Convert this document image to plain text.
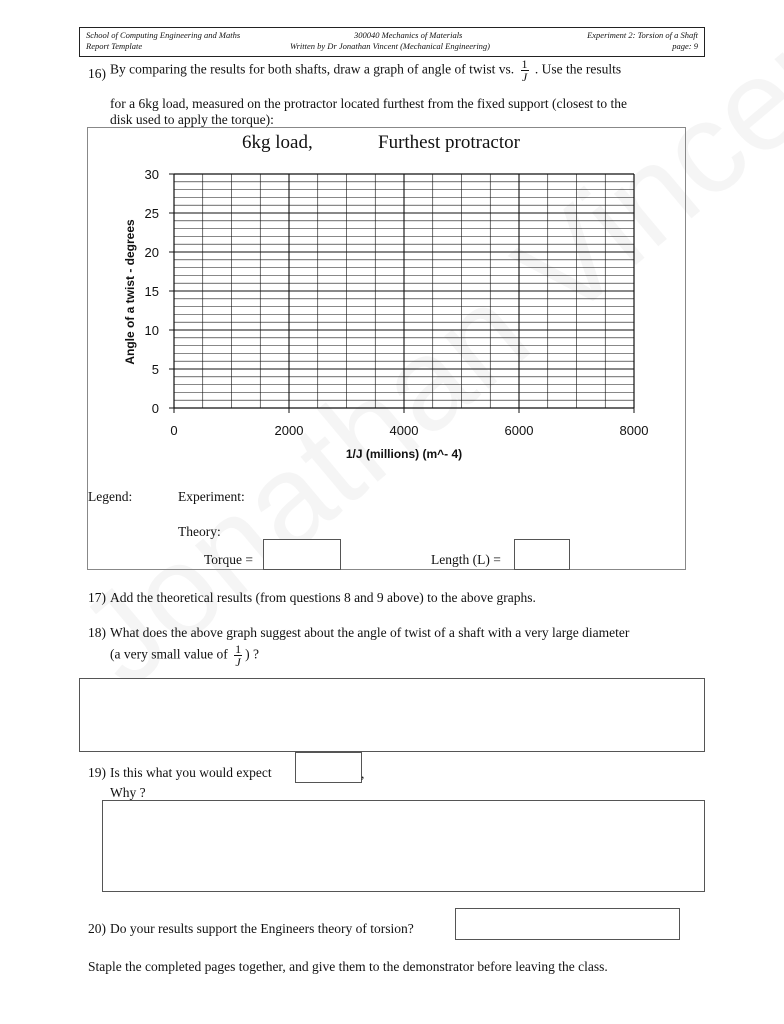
School of Computing Engineering and Maths
Report Template
300040 Mechanics of Materials
Written by Dr Jonathan Vincent (Mechanical Engineering)
Experiment 2: Torsion of a Shaft
page: 9
16) By comparing the results for both shafts, draw a graph of angle of twist vs. $\frac{1}{J}$ . Use the results
for a 6kg load, measured on the protractor located furthest from the fixed support (closest to the
disk used to apply the torque):
6kg load,	Furthest protractor
0	2000	4000	6000	8000
0
5
10
15
20
25
30
1/J (millions) (m^- 4)
Angle of a twist - degrees
Legend:	Experiment:
Theory:
Torque =	Length (L) =
17) Add the theoretical results (from questions 8 and 9 above) to the above graphs.
18) What does the above graph suggest about the angle of twist of a shaft with a very large diameter
(a very small value of $\frac{1}{J}$ ) ?
19) Is this what you would expect	,
Why ?
20) Do your results support the Engineers theory of torsion?
Staple the completed pages together, and give them to the demonstrator before leaving the class.
